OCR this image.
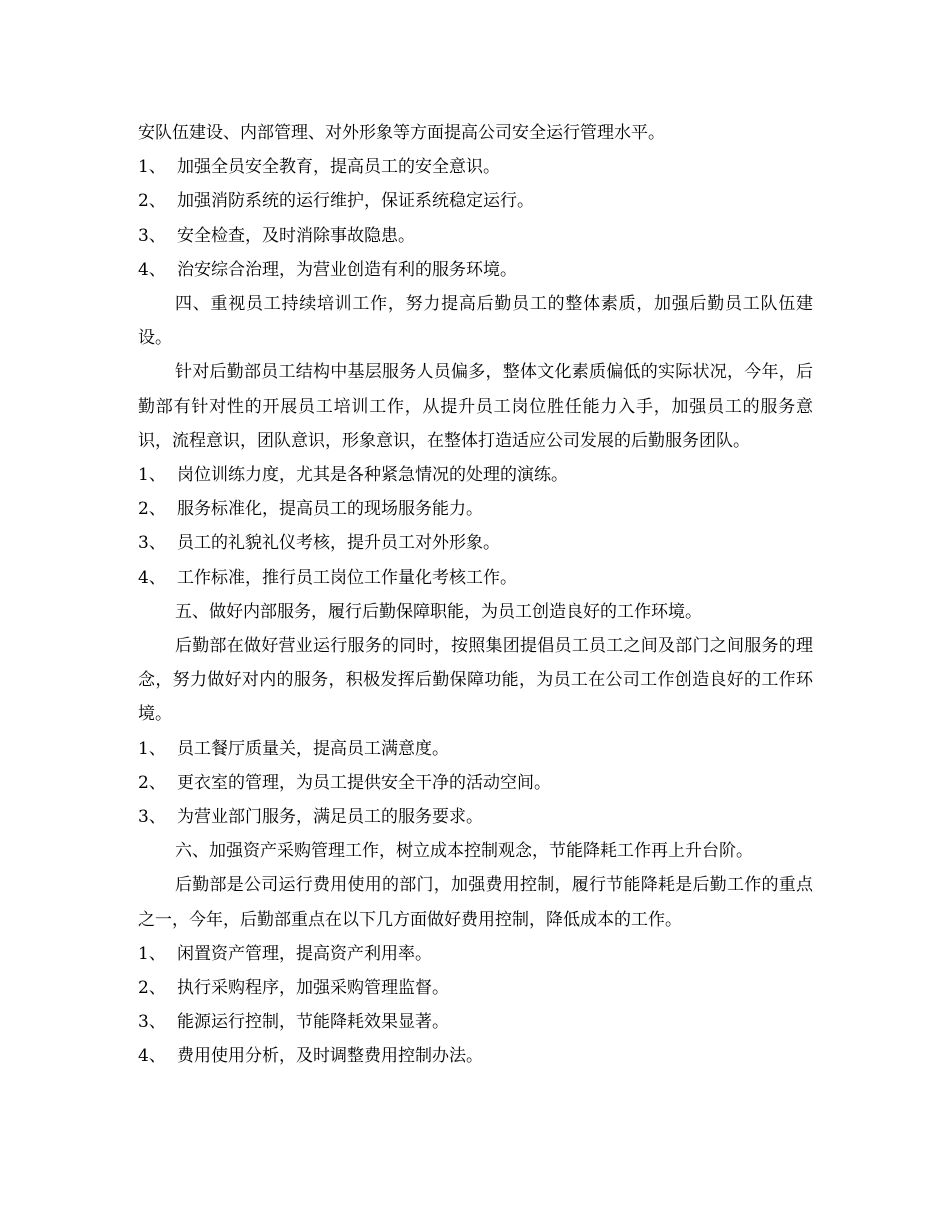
安队伍建设、内部管理、对外形象等方面提高公司安全运行管理水平。

1、 加强全员安全教育，提高员工的安全意识。

2、 加强消防系统的运行维护，保证系统稳定运行。

3、 安全检查，及时消除事故隐患。

4、 治安综合治理，为营业创造有利的服务环境。

四、重视员工持续培训工作，努力提高后勤员工的整体素质，加强后勤员工队伍建设。

针对后勤部员工结构中基层服务人员偏多，整体文化素质偏低的实际状况，今年，后勤部有针对性的开展员工培训工作，从提升员工岗位胜任能力入手，加强员工的服务意识，流程意识，团队意识，形象意识，在整体打造适应公司发展的后勤服务团队。

1、 岗位训练力度，尤其是各种紧急情况的处理的演练。

2、 服务标准化，提高员工的现场服务能力。

3、 员工的礼貌礼仪考核，提升员工对外形象。

4、 工作标准，推行员工岗位工作量化考核工作。

五、做好内部服务，履行后勤保障职能，为员工创造良好的工作环境。

后勤部在做好营业运行服务的同时，按照集团提倡员工员工之间及部门之间服务的理念，努力做好对内的服务，积极发挥后勤保障功能，为员工在公司工作创造良好的工作环境。

1、 员工餐厅质量关，提高员工满意度。

2、 更衣室的管理，为员工提供安全干净的活动空间。

3、 为营业部门服务，满足员工的服务要求。

六、加强资产采购管理工作，树立成本控制观念，节能降耗工作再上升台阶。

后勤部是公司运行费用使用的部门，加强费用控制，履行节能降耗是后勤工作的重点之一，今年，后勤部重点在以下几方面做好费用控制，降低成本的工作。

1、 闲置资产管理，提高资产利用率。

2、 执行采购程序，加强采购管理监督。

3、 能源运行控制，节能降耗效果显著。

4、 费用使用分析，及时调整费用控制办法。
